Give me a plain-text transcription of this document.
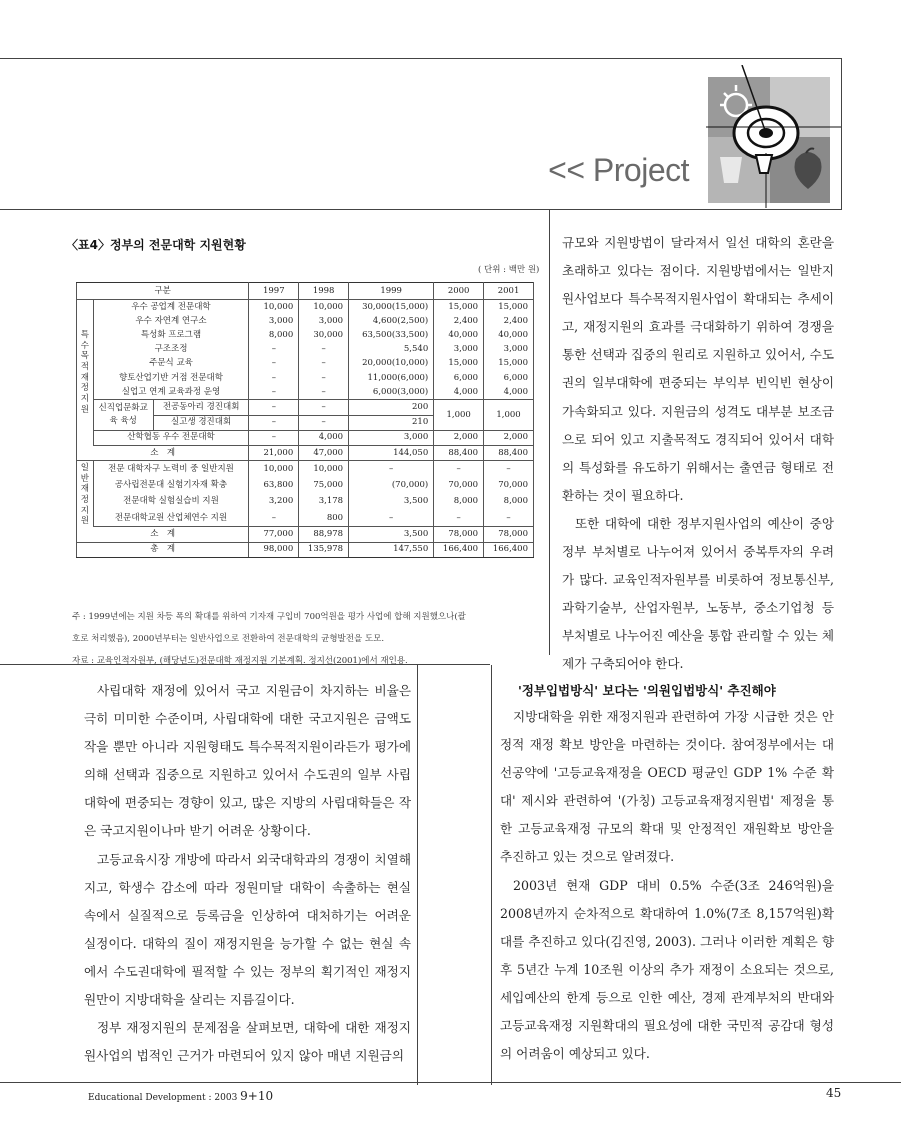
<< Project
〈표4〉정부의 전문대학 지원현황
( 단위 : 백만 원)
구분			1997	1998	1999	2000	2001
특수목적재정지원	우수 공업계 전문대학		10,000	10,000	30,000(15,000)	15,000	15,000
	우수 자연계 연구소		3,000	3,000	4,600(2,500)	2,400	2,400
	특성화 프로그램		8,000	30,000	63,500(33,500)	40,000	40,000
	구조조정		–	–	5,540	3,000	3,000
	주문식 교육		–	–	20,000(10,000)	15,000	15,000
	향토산업기반 거점 전문대학		–	–	11,000(6,000)	6,000	6,000
	실업고 연계 교육과정 운영		–	–	6,000(3,000)	4,000	4,000
	신직업문화교육 육성	전공동아리 경진대회	–	–	200	1,000	1,000
		실고생 경진대회	–	–	210		
	산학협동 우수 전문대학		–	4,000	3,000	2,000	2,000
소　계			21,000	47,000	144,050	88,400	88,400
일반재정지원	전문 대학자구 노력비 중 일반지원		10,000	10,000	–	–	–
	공사립전문대 실험기자재 확충		63,800	75,000	(70,000)	70,000	70,000
	전문대학 실험실습비 지원		3,200	3,178	3,500	8,000	8,000
	전문대학교원 산업체연수 지원		–	800	–	–	–
소　계			77,000	88,978	3,500	78,000	78,000
총　계			98,000	135,978	147,550	166,400	166,400
주 : 1999년에는 지원 차등 폭의 확대를 위하여 기자재 구입비 700억원을 평가 사업에 합해 지원했으나(괄
호로 처리했음), 2000년부터는 일반사업으로 전환하여 전문대학의 균형발전을 도모.
자료 : 교육인적자원부, (해당년도)전문대학 재정지원 기본계획. 정지선(2001)에서 재인용.

규모와 지원방법이 달라져서 일선 대학의 혼란을 초래하고 있다는 점이다. 지원방법에서는 일반지원사업보다 특수목적지원사업이 확대되는 추세이고, 재정지원의 효과를 극대화하기 위하여 경쟁을 통한 선택과 집중의 원리로 지원하고 있어서, 수도권의 일부대학에 편중되는 부익부 빈익빈 현상이 가속화되고 있다. 지원금의 성격도 대부분 보조금으로 되어 있고 지출목적도 경직되어 있어서 대학의 특성화를 유도하기 위해서는 출연금 형태로 전환하는 것이 필요하다.

또한 대학에 대한 정부지원사업의 예산이 중앙정부 부처별로 나누어져 있어서 중복투자의 우려가 많다. 교육인적자원부를 비롯하여 정보통신부, 과학기술부, 산업자원부, 노동부, 중소기업청 등 부처별로 나누어진 예산을 통합 관리할 수 있는 체제가 구축되어야 한다.

사립대학 재정에 있어서 국고 지원금이 차지하는 비율은 극히 미미한 수준이며, 사립대학에 대한 국고지원은 금액도 작을 뿐만 아니라 지원형태도 특수목적지원이라든가 평가에 의해 선택과 집중으로 지원하고 있어서 수도권의 일부 사립대학에 편중되는 경향이 있고, 많은 지방의 사립대학들은 작은 국고지원이나마 받기 어려운 상황이다.

고등교육시장 개방에 따라서 외국대학과의 경쟁이 치열해지고, 학생수 감소에 따라 정원미달 대학이 속출하는 현실 속에서 실질적으로 등록금을 인상하여 대처하기는 어려운 실정이다. 대학의 질이 재정지원을 능가할 수 없는 현실 속에서 수도권대학에 필적할 수 있는 정부의 획기적인 재정지원만이 지방대학을 살리는 지름길이다.

정부 재정지원의 문제점을 살펴보면, 대학에 대한 재정지원사업의 법적인 근거가 마련되어 있지 않아 매년 지원금의

'정부입법방식' 보다는 '의원입법방식' 추진해야

지방대학을 위한 재정지원과 관련하여 가장 시급한 것은 안정적 재정 확보 방안을 마련하는 것이다. 참여정부에서는 대선공약에 '고등교육재정을 OECD 평균인 GDP 1% 수준 확대' 제시와 관련하여 '(가칭) 고등교육재정지원법' 제정을 통한 고등교육재정 규모의 확대 및 안정적인 재원확보 방안을 추진하고 있는 것으로 알려졌다.

2003년 현재 GDP 대비 0.5% 수준(3조 246억원)을 2008년까지 순차적으로 확대하여 1.0%(7조 8,157억원)확대를 추진하고 있다(김진영, 2003). 그러나 이러한 계획은 향후 5년간 누계 10조원 이상의 추가 재정이 소요되는 것으로, 세입예산의 한계 등으로 인한 예산, 경제 관계부처의 반대와 고등교육재정 지원확대의 필요성에 대한 국민적 공감대 형성의 어려움이 예상되고 있다.

Educational Development : 2003 9+10	45
